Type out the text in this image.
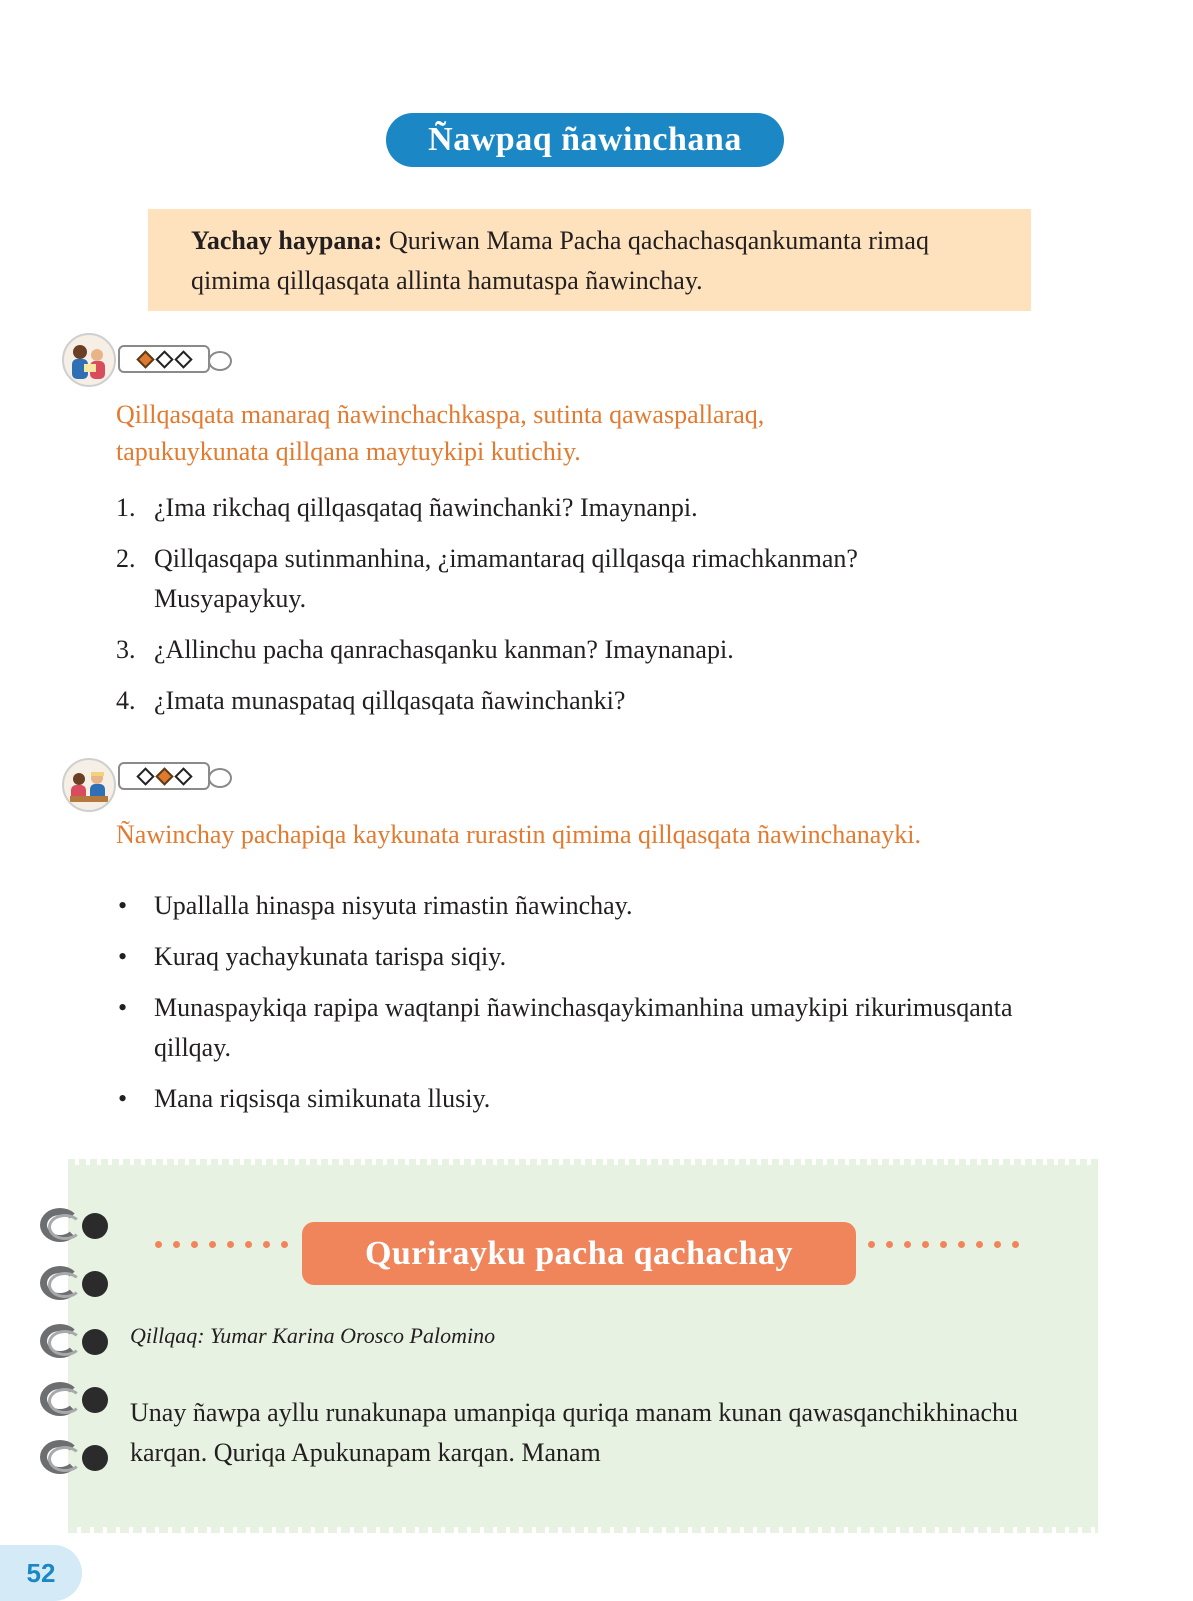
Ñawpaq ñawinchana
Yachay haypana: Quriwan Mama Pacha qachachasqankumanta rimaq qimima qillqasqata allinta hamutaspa ñawinchay.
Qillqasqata manaraq ñawinchachkaspa, sutinta qawaspallaraq, tapukuykunata qillqana maytuykipi kutichiy.
1. ¿Ima rikchaq qillqasqataq ñawinchanki? Imaynanpi.
2. Qillqasqapa sutinmanhina, ¿imamantaraq qillqasqa rimachkanman? Musyapaykuy.
3. ¿Allinchu pacha qanrachasqanku kanman? Imaynanapi.
4. ¿Imata munaspataq qillqasqata ñawinchanki?
Ñawinchay pachapiqa kaykunata rurastin qimima qillqasqata ñawinchanayki.
• Upallalla hinaspa nisyuta rimastin ñawinchay.
• Kuraq yachaykunata tarispa siqiy.
• Munaspaykiqa rapipa waqtanpi ñawinchasqaykimanhina umaykipi rikurimusqanta qillqay.
• Mana riqsisqa simikunata llusiy.
Qurirayku pacha qachachay
Qillqaq: Yumar Karina Orosco Palomino
Unay ñawpa ayllu runakunapa umanpiqa quriqa manam kunan qawasqanchikhinachu karqan. Quriqa Apukunapam karqan. Manam
52
